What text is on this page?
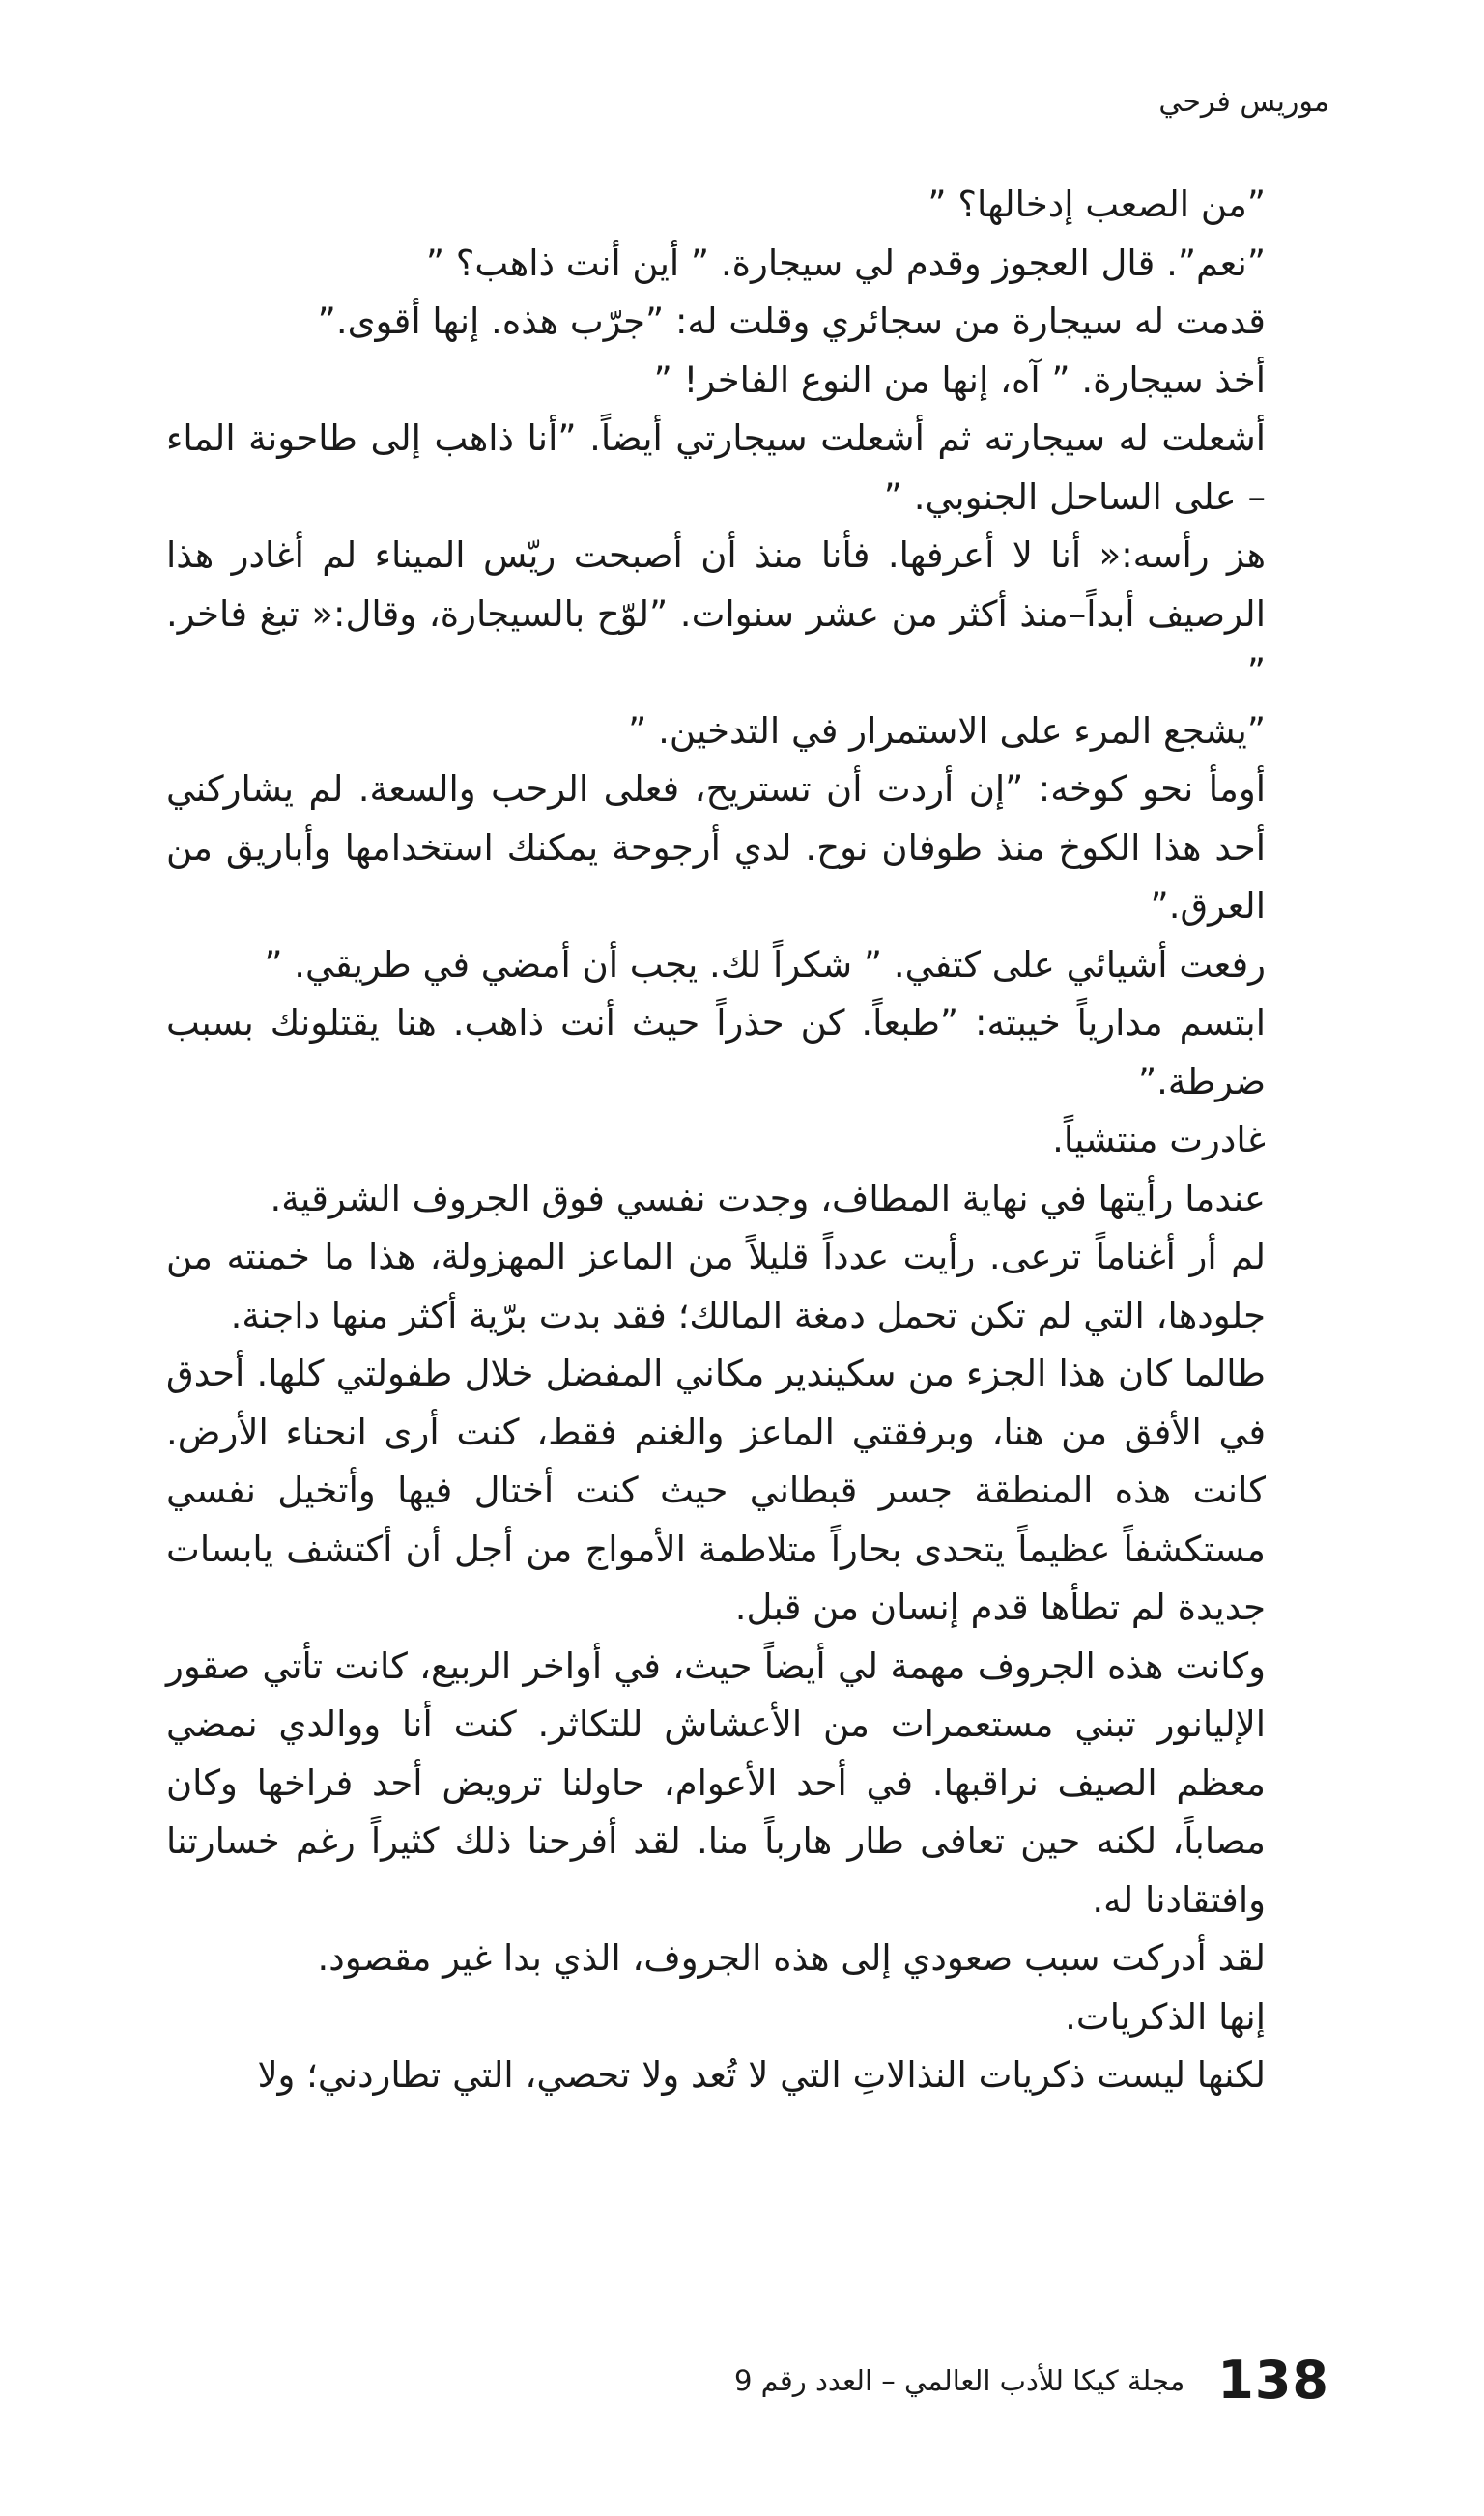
موريس فرحي

”من الصعب إدخالها؟ ”

”نعم”. قال العجوز وقدم لي سيجارة. ” أين أنت ذاهب؟ ”

قدمت له سيجارة من سجائري وقلت له: ”جرّب هذه. إنها أقوى.”

أخذ سيجارة. ” آه، إنها من النوع الفاخر! ”

أشعلت له سيجارته ثم أشعلت سيجارتي أيضاً. ”أنا ذاهب إلى طاحونة الماء – على الساحل الجنوبي. ”

هز رأسه:« أنا لا أعرفها. فأنا منذ أن أصبحت ريّس الميناء لم أغادر هذا الرصيف أبداً–منذ أكثر من عشر سنوات. ”لوّح بالسيجارة، وقال:« تبغ فاخر. ”

”يشجع المرء على الاستمرار في التدخين. ”

أومأ نحو كوخه: ”إن أردت أن تستريح، فعلى الرحب والسعة. لم يشاركني أحد هذا الكوخ منذ طوفان نوح. لدي أرجوحة يمكنك استخدامها وأباريق من العرق.”

رفعت أشيائي على كتفي. ” شكراً لك. يجب أن أمضي في طريقي. ”

ابتسم مدارياً خيبته: ”طبعاً. كن حذراً حيث أنت ذاهب. هنا يقتلونك بسبب ضرطة.”

غادرت منتشياً.

عندما رأيتها في نهاية المطاف، وجدت نفسي فوق الجروف الشرقية.

لم أر أغناماً ترعى. رأيت عدداً قليلاً من الماعز المهزولة، هذا ما خمنته من جلودها، التي لم تكن تحمل دمغة المالك؛ فقد بدت برّية أكثر منها داجنة.

طالما كان هذا الجزء من سكيندير مكاني المفضل خلال طفولتي كلها. أحدق في الأفق من هنا، وبرفقتي الماعز والغنم فقط، كنت أرى انحناء الأرض. كانت هذه المنطقة جسر قبطاني حيث كنت أختال فيها وأتخيل نفسي مستكشفاً عظيماً يتحدى بحاراً متلاطمة الأمواج من أجل أن أكتشف يابسات جديدة لم تطأها قدم إنسان من قبل.

وكانت هذه الجروف مهمة لي أيضاً حيث، في أواخر الربيع، كانت تأتي صقور الإليانور تبني مستعمرات من الأعشاش للتكاثر. كنت أنا ووالدي نمضي معظم الصيف نراقبها. في أحد الأعوام، حاولنا ترويض أحد فراخها وكان مصاباً، لكنه حين تعافى طار هارباً منا. لقد أفرحنا ذلك كثيراً رغم خسارتنا وافتقادنا له.

لقد أدركت سبب صعودي إلى هذه الجروف، الذي بدا غير مقصود.

إنها الذكريات.

لكنها ليست ذكريات النذالاتِ التي لا تُعد ولا تحصي، التي تطاردني؛ ولا

138
مجلة كيكا للأدب العالمي – العدد رقم 9
